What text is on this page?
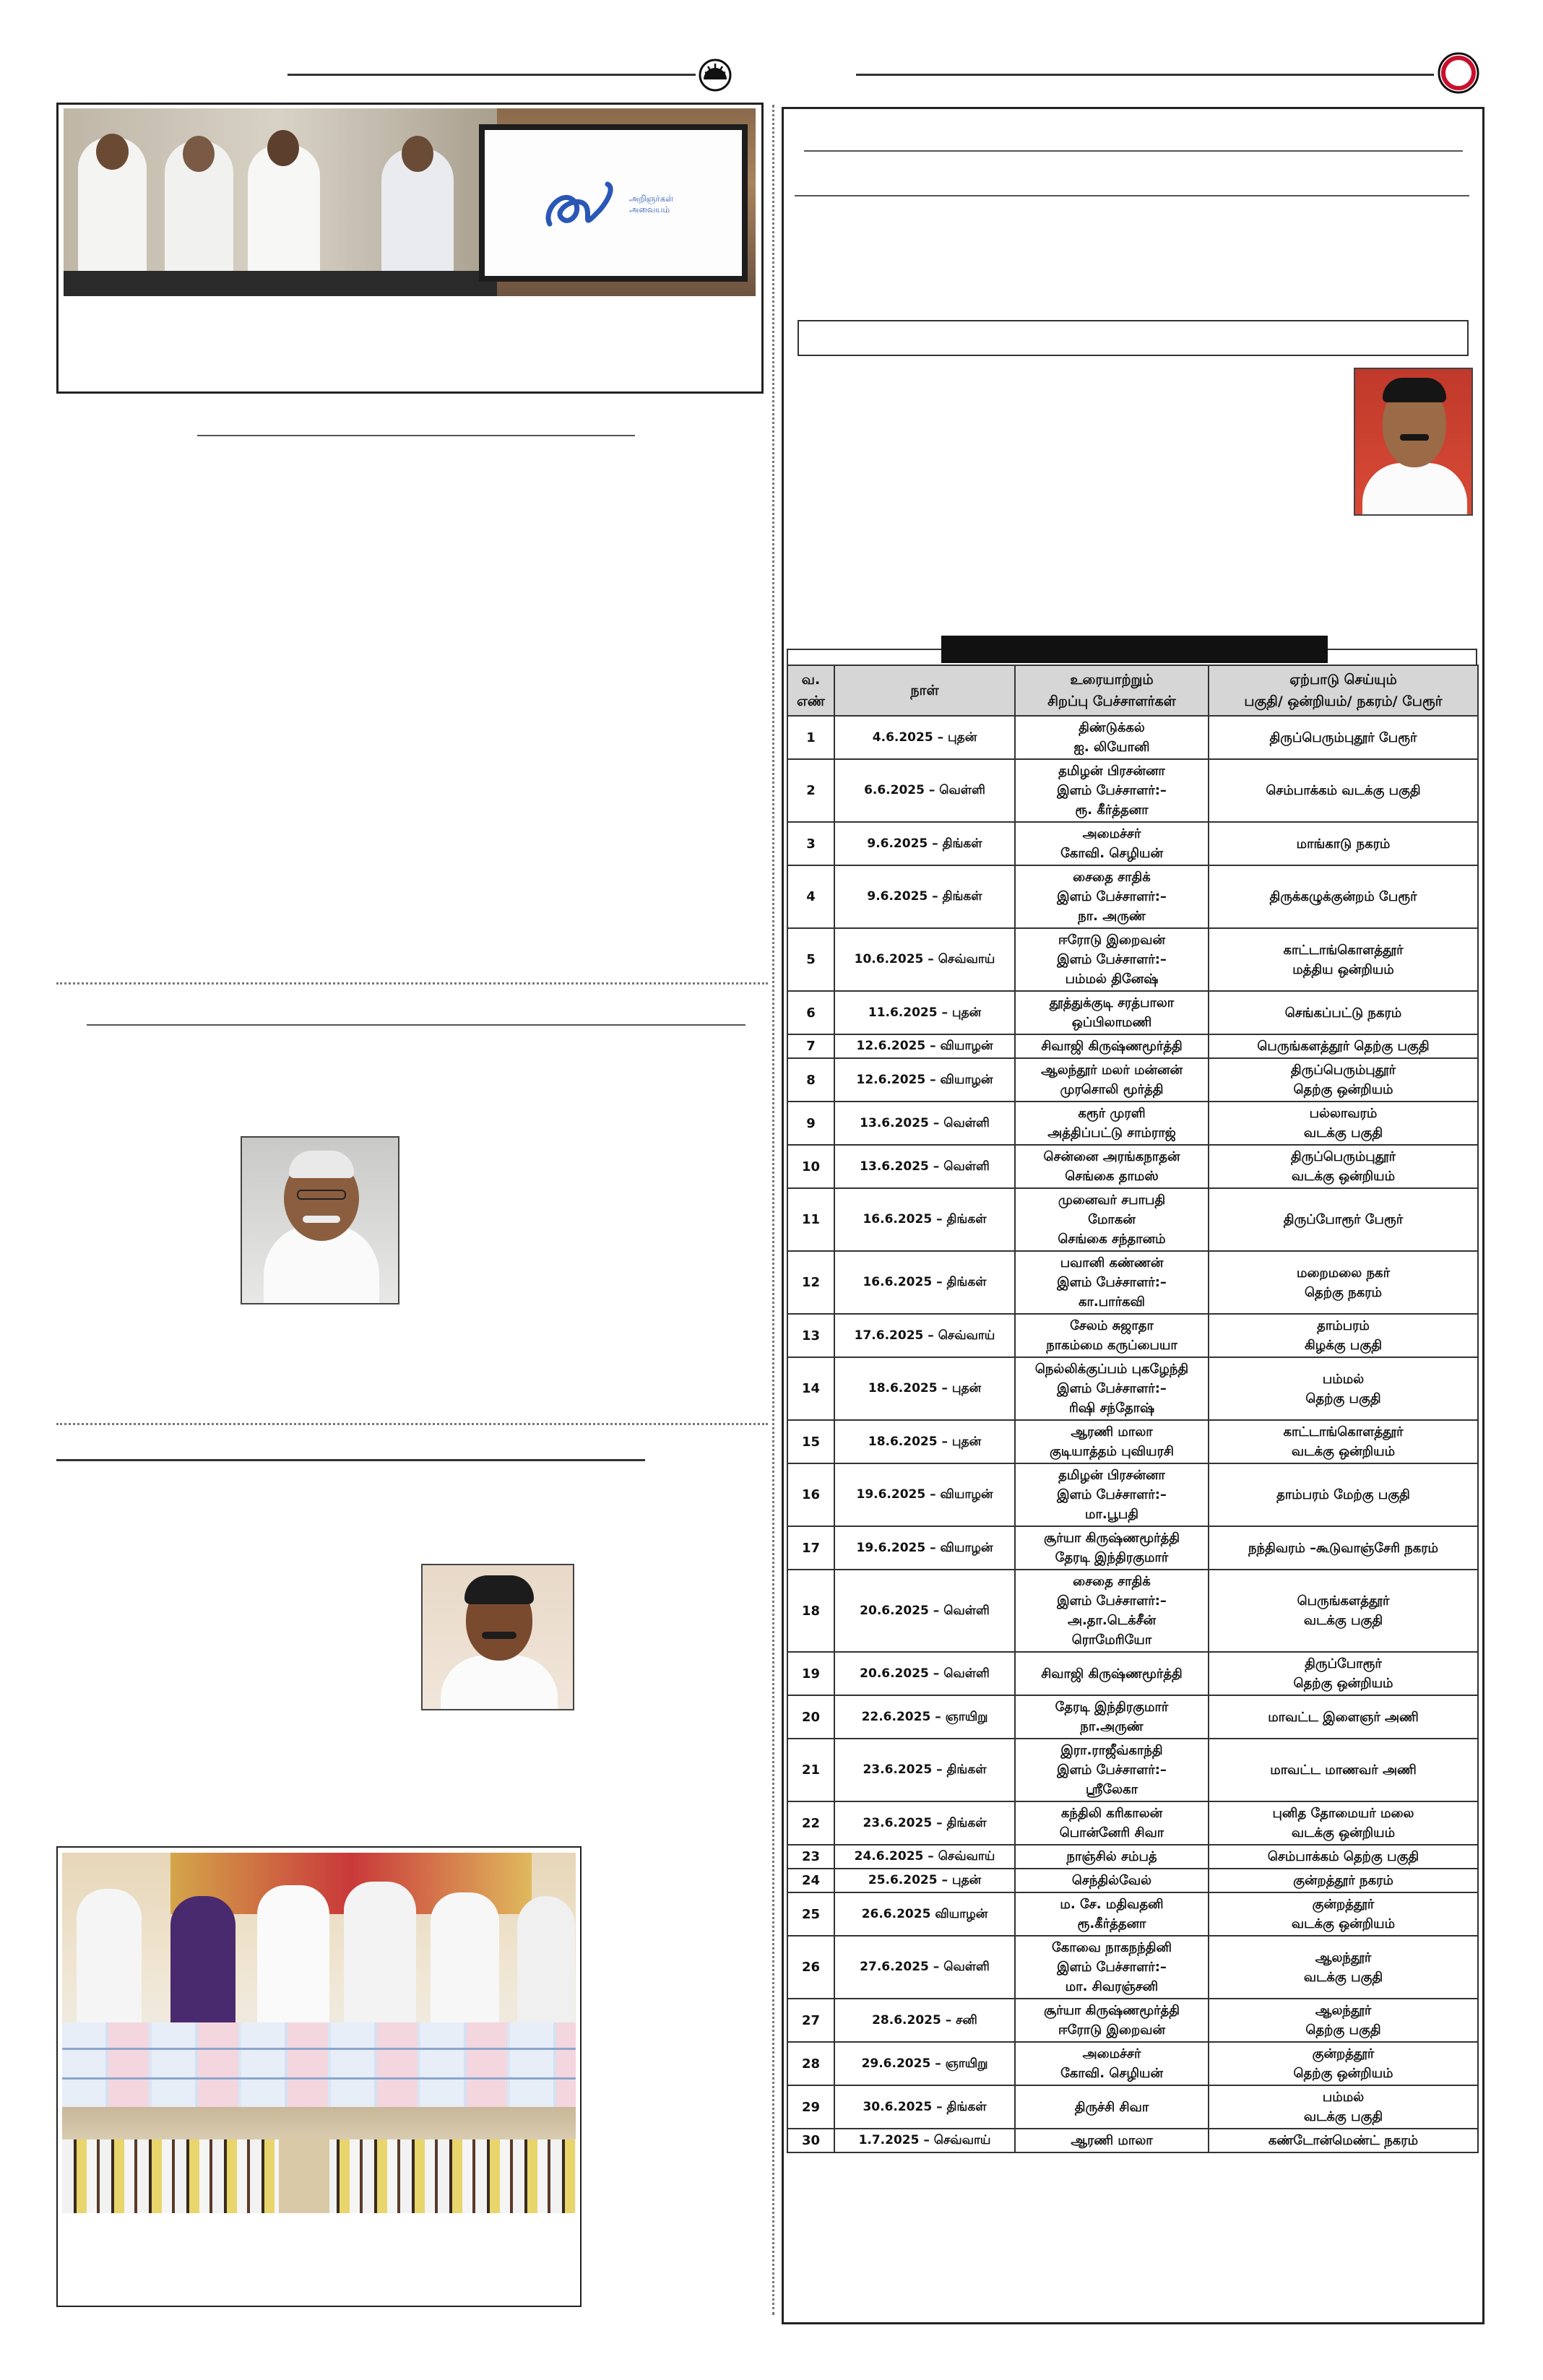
அறிஞர்கள்
அவையம்
வ.
எண்	நாள்	உரையாற்றும்
சிறப்பு பேச்சாளர்கள்	ஏற்பாடு செய்யும்
பகுதி/ ஒன்றியம்/ நகரம்/ பேரூர்

1	4.6.2025 – புதன்	திண்டுக்கல்
ஐ. லியோனி	திருப்பெரும்புதூர் பேரூர்

2	6.6.2025 – வெள்ளி	தமிழன் பிரசன்னா
இளம் பேச்சாளர்:–
ரூ. கீர்த்தனா	செம்பாக்கம் வடக்கு பகுதி

3	9.6.2025 – திங்கள்	அமைச்சர்
கோவி. செழியன்	மாங்காடு நகரம்

4	9.6.2025 – திங்கள்	சைதை சாதிக்
இளம் பேச்சாளர்:–
நா. அருண்	திருக்கழுக்குன்றம் பேரூர்

5	10.6.2025 – செவ்வாய்	ஈரோடு இறைவன்
இளம் பேச்சாளர்:–
பம்மல் தினேஷ்	காட்டாங்கொளத்தூர்
மத்திய ஒன்றியம்

6	11.6.2025 – புதன்	தூத்துக்குடி சரத்பாலா
ஒப்பிலாமணி	செங்கப்பட்டு நகரம்

7	12.6.2025 – வியாழன்	சிவாஜி கிருஷ்ணமூர்த்தி	பெருங்களத்தூர் தெற்கு பகுதி

8	12.6.2025 – வியாழன்	ஆலந்தூர் மலர் மன்னன்
முரசொலி மூர்த்தி	திருப்பெரும்புதூர்
தெற்கு ஒன்றியம்

9	13.6.2025 – வெள்ளி	கரூர் முரளி
அத்திப்பட்டு சாம்ராஜ்	பல்லாவரம்
வடக்கு பகுதி

10	13.6.2025 – வெள்ளி	சென்னை அரங்கநாதன்
செங்கை தாமஸ்	திருப்பெரும்புதூர்
வடக்கு ஒன்றியம்

11	16.6.2025 – திங்கள்	முனைவர் சபாபதி
மோகன்
செங்கை சந்தானம்	திருப்போரூர் பேரூர்

12	16.6.2025 – திங்கள்	பவானி கண்ணன்
இளம் பேச்சாளர்:–
கா.பார்கவி	மறைமலை நகர்
தெற்கு நகரம்

13	17.6.2025 – செவ்வாய்	சேலம் சுஜாதா
நாகம்மை கருப்பையா	தாம்பரம்
கிழக்கு பகுதி

14	18.6.2025 – புதன்	நெல்லிக்குப்பம் புகழேந்தி
இளம் பேச்சாளர்:–
ரிஷி சந்தோஷ்	பம்மல்
தெற்கு பகுதி

15	18.6.2025 – புதன்	ஆரணி மாலா
குடியாத்தம் புவியரசி	காட்டாங்கொளத்தூர்
வடக்கு ஒன்றியம்

16	19.6.2025 – வியாழன்	தமிழன் பிரசன்னா
இளம் பேச்சாளர்:–
மா.பூபதி	தாம்பரம் மேற்கு பகுதி

17	19.6.2025 – வியாழன்	சூர்யா கிருஷ்ணமூர்த்தி
தேரடி இந்திரகுமார்	நந்திவரம் –கூடுவாஞ்சேரி நகரம்

18	20.6.2025 – வெள்ளி	சைதை சாதிக்
இளம் பேச்சாளர்:–
அ.தா.டெக்சீன்
ரொமேரியோ	பெருங்களத்தூர்
வடக்கு பகுதி

19	20.6.2025 – வெள்ளி	சிவாஜி கிருஷ்ணமூர்த்தி	திருப்போரூர்
தெற்கு ஒன்றியம்

20	22.6.2025 – ஞாயிறு	தேரடி இந்திரகுமார்
நா.அருண்	மாவட்ட இளைஞர் அணி

21	23.6.2025 – திங்கள்	இரா.ராஜீவ்காந்தி
இளம் பேச்சாளர்:–
ஸ்ரீலேகா	மாவட்ட மாணவர் அணி

22	23.6.2025 – திங்கள்	கந்திலி கரிகாலன்
பொன்னேரி சிவா	புனித தோமையர் மலை
வடக்கு ஒன்றியம்

23	24.6.2025 – செவ்வாய்	நாஞ்சில் சம்பத்	செம்பாக்கம் தெற்கு பகுதி

24	25.6.2025 – புதன்	செந்தில்வேல்	குன்றத்தூர் நகரம்

25	26.6.2025 வியாழன்	ம. சே. மதிவதனி
ரூ.கீர்த்தனா	குன்றத்தூர்
வடக்கு ஒன்றியம்

26	27.6.2025 – வெள்ளி	கோவை நாகநந்தினி
இளம் பேச்சாளர்:–
மா. சிவரஞ்சனி	ஆலந்தூர்
வடக்கு பகுதி

27	28.6.2025 – சனி	சூர்யா கிருஷ்ணமூர்த்தி
ஈரோடு இறைவன்	ஆலந்தூர்
தெற்கு பகுதி

28	29.6.2025 – ஞாயிறு	அமைச்சர்
கோவி. செழியன்	குன்றத்தூர்
தெற்கு ஒன்றியம்

29	30.6.2025 – திங்கள்	திருச்சி சிவா	பம்மல்
வடக்கு பகுதி

30	1.7.2025 – செவ்வாய்	ஆரணி மாலா	கண்டோன்மெண்ட் நகரம்
